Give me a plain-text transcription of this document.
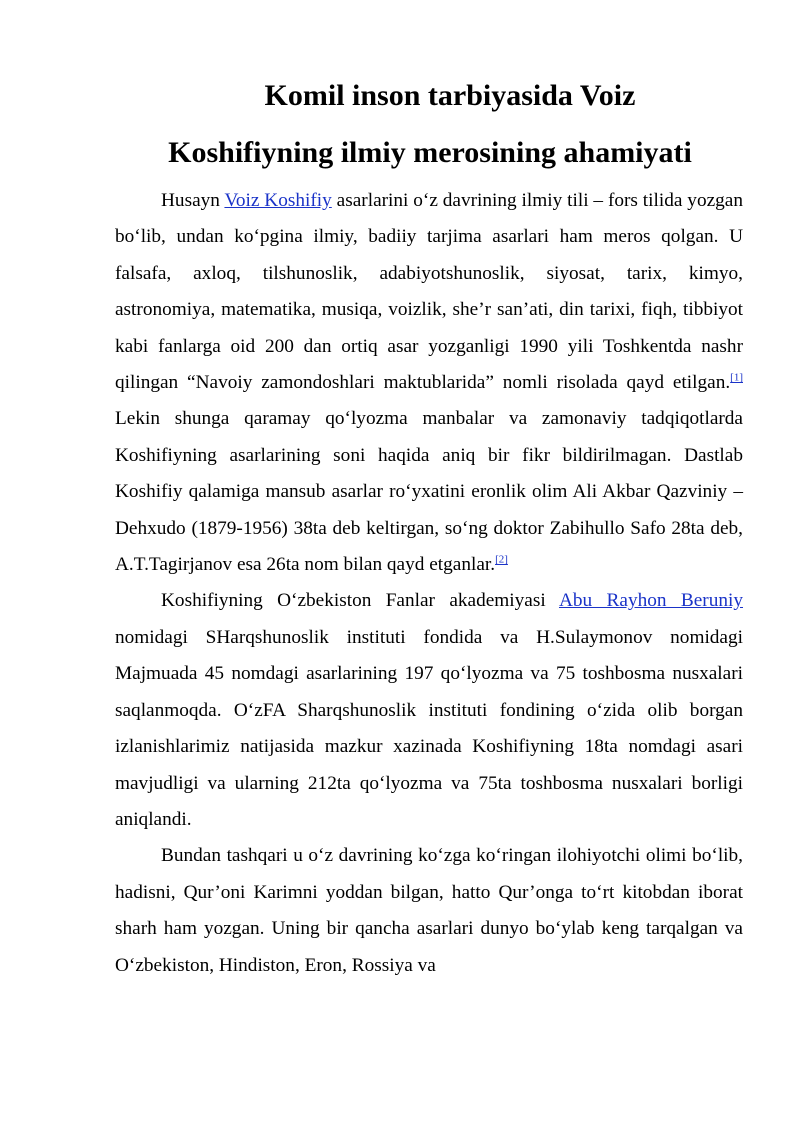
Komil inson tarbiyasida Voiz
Koshifiyning ilmiy merosining ahamiyati

Husayn Voiz Koshifiy asarlarini o‘z davrining ilmiy tili – fors tilida yozgan bo‘lib, undan ko‘pgina ilmiy, badiiy tarjima asarlari ham meros qolgan. U falsafa, axloq, tilshunoslik, adabiyotshunoslik, siyosat, tarix, kimyo, astronomiya, matematika, musiqa, voizlik, she’r san’ati, din tarixi, fiqh, tibbiyot kabi fanlarga oid 200 dan ortiq asar yozganligi 1990 yili Toshkentda nashr qilingan “Navoiy zamondoshlari maktublarida” nomli risolada qayd etilgan.[1] Lekin shunga qaramay qo‘lyozma manbalar va zamonaviy tadqiqotlarda Koshifiyning asarlarining soni haqida aniq bir fikr bildirilmagan. Dastlab Koshifiy qalamiga mansub asarlar ro‘yxatini eronlik olim Ali Akbar Qazviniy – Dehxudo (1879-1956) 38ta deb keltirgan, so‘ng doktor Zabihullo Safo 28ta deb, A.T.Tagirjanov esa 26ta nom bilan qayd etganlar.[2]

Koshifiyning O‘zbekiston Fanlar akademiyasi Abu Rayhon Beruniy nomidagi SHarqshunoslik instituti fondida va H.Sulaymonov nomidagi Majmuada 45 nomdagi asarlarining 197 qo‘lyozma va 75 toshbosma nusxalari saqlanmoqda. O‘zFA Sharqshunoslik instituti fondining o‘zida olib borgan izlanishlarimiz natijasida mazkur xazinada Koshifiyning 18ta nomdagi asari mavjudligi va ularning 212ta qo‘lyozma va 75ta toshbosma nusxalari borligi aniqlandi.

Bundan tashqari u o‘z davrining ko‘zga ko‘ringan ilohiyotchi olimi bo‘lib, hadisni, Qur’oni Karimni yoddan bilgan, hatto Qur’onga to‘rt kitobdan iborat sharh ham yozgan. Uning bir qancha asarlari dunyo bo‘ylab keng tarqalgan va O‘zbekiston, Hindiston, Eron, Rossiya va
